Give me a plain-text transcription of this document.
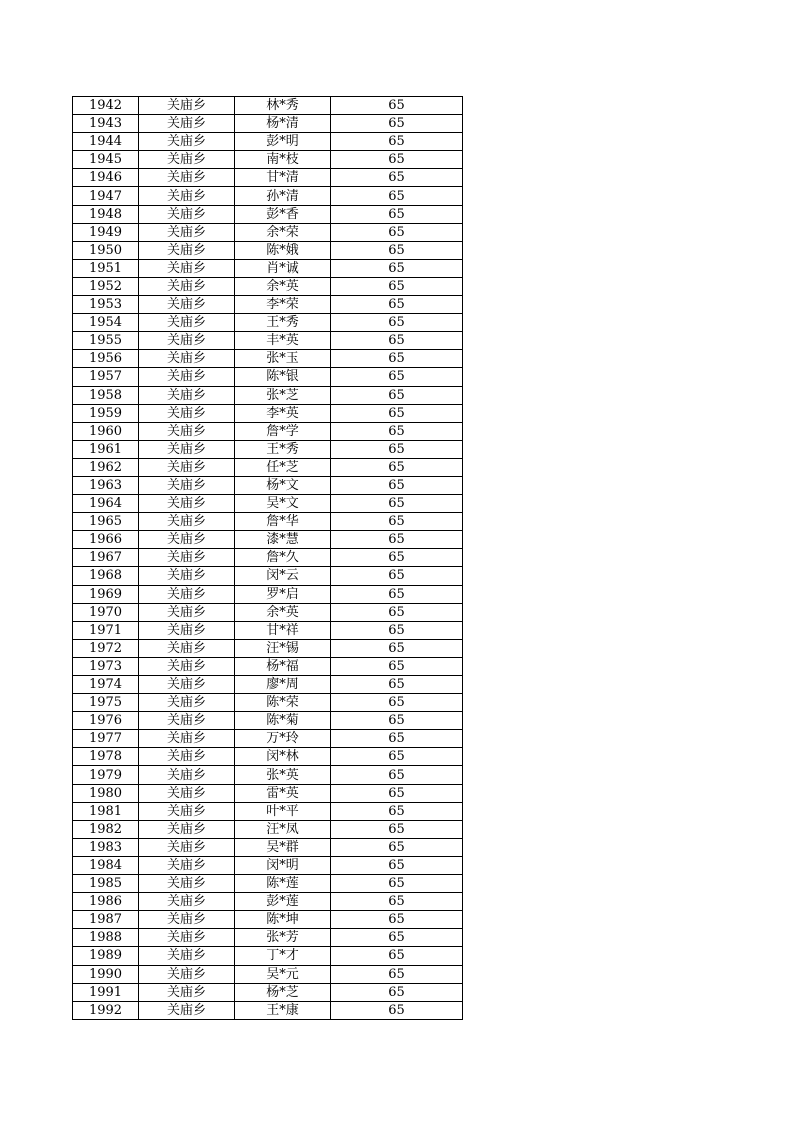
1942	关庙乡	林*秀	65
1943	关庙乡	杨*清	65
1944	关庙乡	彭*明	65
1945	关庙乡	南*枝	65
1946	关庙乡	甘*清	65
1947	关庙乡	孙*清	65
1948	关庙乡	彭*香	65
1949	关庙乡	余*荣	65
1950	关庙乡	陈*娥	65
1951	关庙乡	肖*诚	65
1952	关庙乡	余*英	65
1953	关庙乡	李*荣	65
1954	关庙乡	王*秀	65
1955	关庙乡	丰*英	65
1956	关庙乡	张*玉	65
1957	关庙乡	陈*银	65
1958	关庙乡	张*芝	65
1959	关庙乡	李*英	65
1960	关庙乡	詹*学	65
1961	关庙乡	王*秀	65
1962	关庙乡	任*芝	65
1963	关庙乡	杨*文	65
1964	关庙乡	吴*文	65
1965	关庙乡	詹*华	65
1966	关庙乡	漆*慧	65
1967	关庙乡	詹*久	65
1968	关庙乡	闵*云	65
1969	关庙乡	罗*启	65
1970	关庙乡	余*英	65
1971	关庙乡	甘*祥	65
1972	关庙乡	汪*锡	65
1973	关庙乡	杨*福	65
1974	关庙乡	廖*周	65
1975	关庙乡	陈*荣	65
1976	关庙乡	陈*菊	65
1977	关庙乡	万*玲	65
1978	关庙乡	闵*林	65
1979	关庙乡	张*英	65
1980	关庙乡	雷*英	65
1981	关庙乡	叶*平	65
1982	关庙乡	汪*凤	65
1983	关庙乡	吴*群	65
1984	关庙乡	闵*明	65
1985	关庙乡	陈*莲	65
1986	关庙乡	彭*莲	65
1987	关庙乡	陈*坤	65
1988	关庙乡	张*芳	65
1989	关庙乡	丁*才	65
1990	关庙乡	吴*元	65
1991	关庙乡	杨*芝	65
1992	关庙乡	王*康	65
